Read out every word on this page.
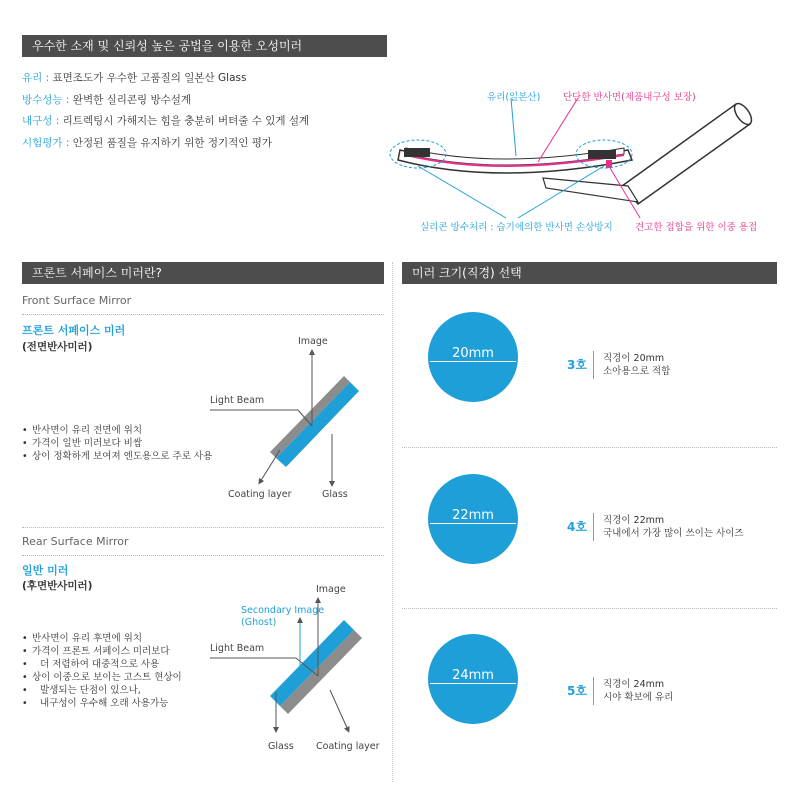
우수한 소재 및 신뢰성 높은 공법을 이용한 오성미러
유리 : 표면조도가 우수한 고품질의 일본산 Glass
방수성능 : 완벽한 실리콘링 방수설계
내구성 : 리트렉팅시 가해지는 힘을 충분히 버텨줄 수 있게 설계
시험평가 : 안정된 품질을 유지하기 위한 정기적인 평가
유리(일본산) 단단한 반사면(제품내구성 보장)
실리콘 방수처리 : 습기에의한 반사면 손상방지 견고한 접합을 위한 이중 용접
프론트 서페이스 미러란?
Front Surface Mirror
프론트 서페이스 미러
(전면반사미러)
• 반사면이 유리 전면에 위치
• 가격이 일반 미러보다 비쌈
• 상이 정확하게 보여져 엔도용으로 주로 사용
Image
Light Beam
Coating layer	Glass
Rear Surface Mirror
일반 미러
(후면반사미러)
• 반사면이 유리 후면에 위치
• 가격이 프론트 서페이스 미러보다
• 더 저렴하여 대중적으로 사용
• 상이 이중으로 보이는 고스트 현상이
• 발생되는 단점이 있으나,
• 내구성이 우수해 오래 사용가능
Image
Secondary Image
(Ghost)
Light Beam
Glass Coating layer
미러 크기(직경) 선택
20mm
3호 직경이 20mm
소아용으로 적합
22mm
4호 직경이 22mm
국내에서 가장 많이 쓰이는 사이즈
24mm
5호 직경이 24mm
시야 확보에 유리
